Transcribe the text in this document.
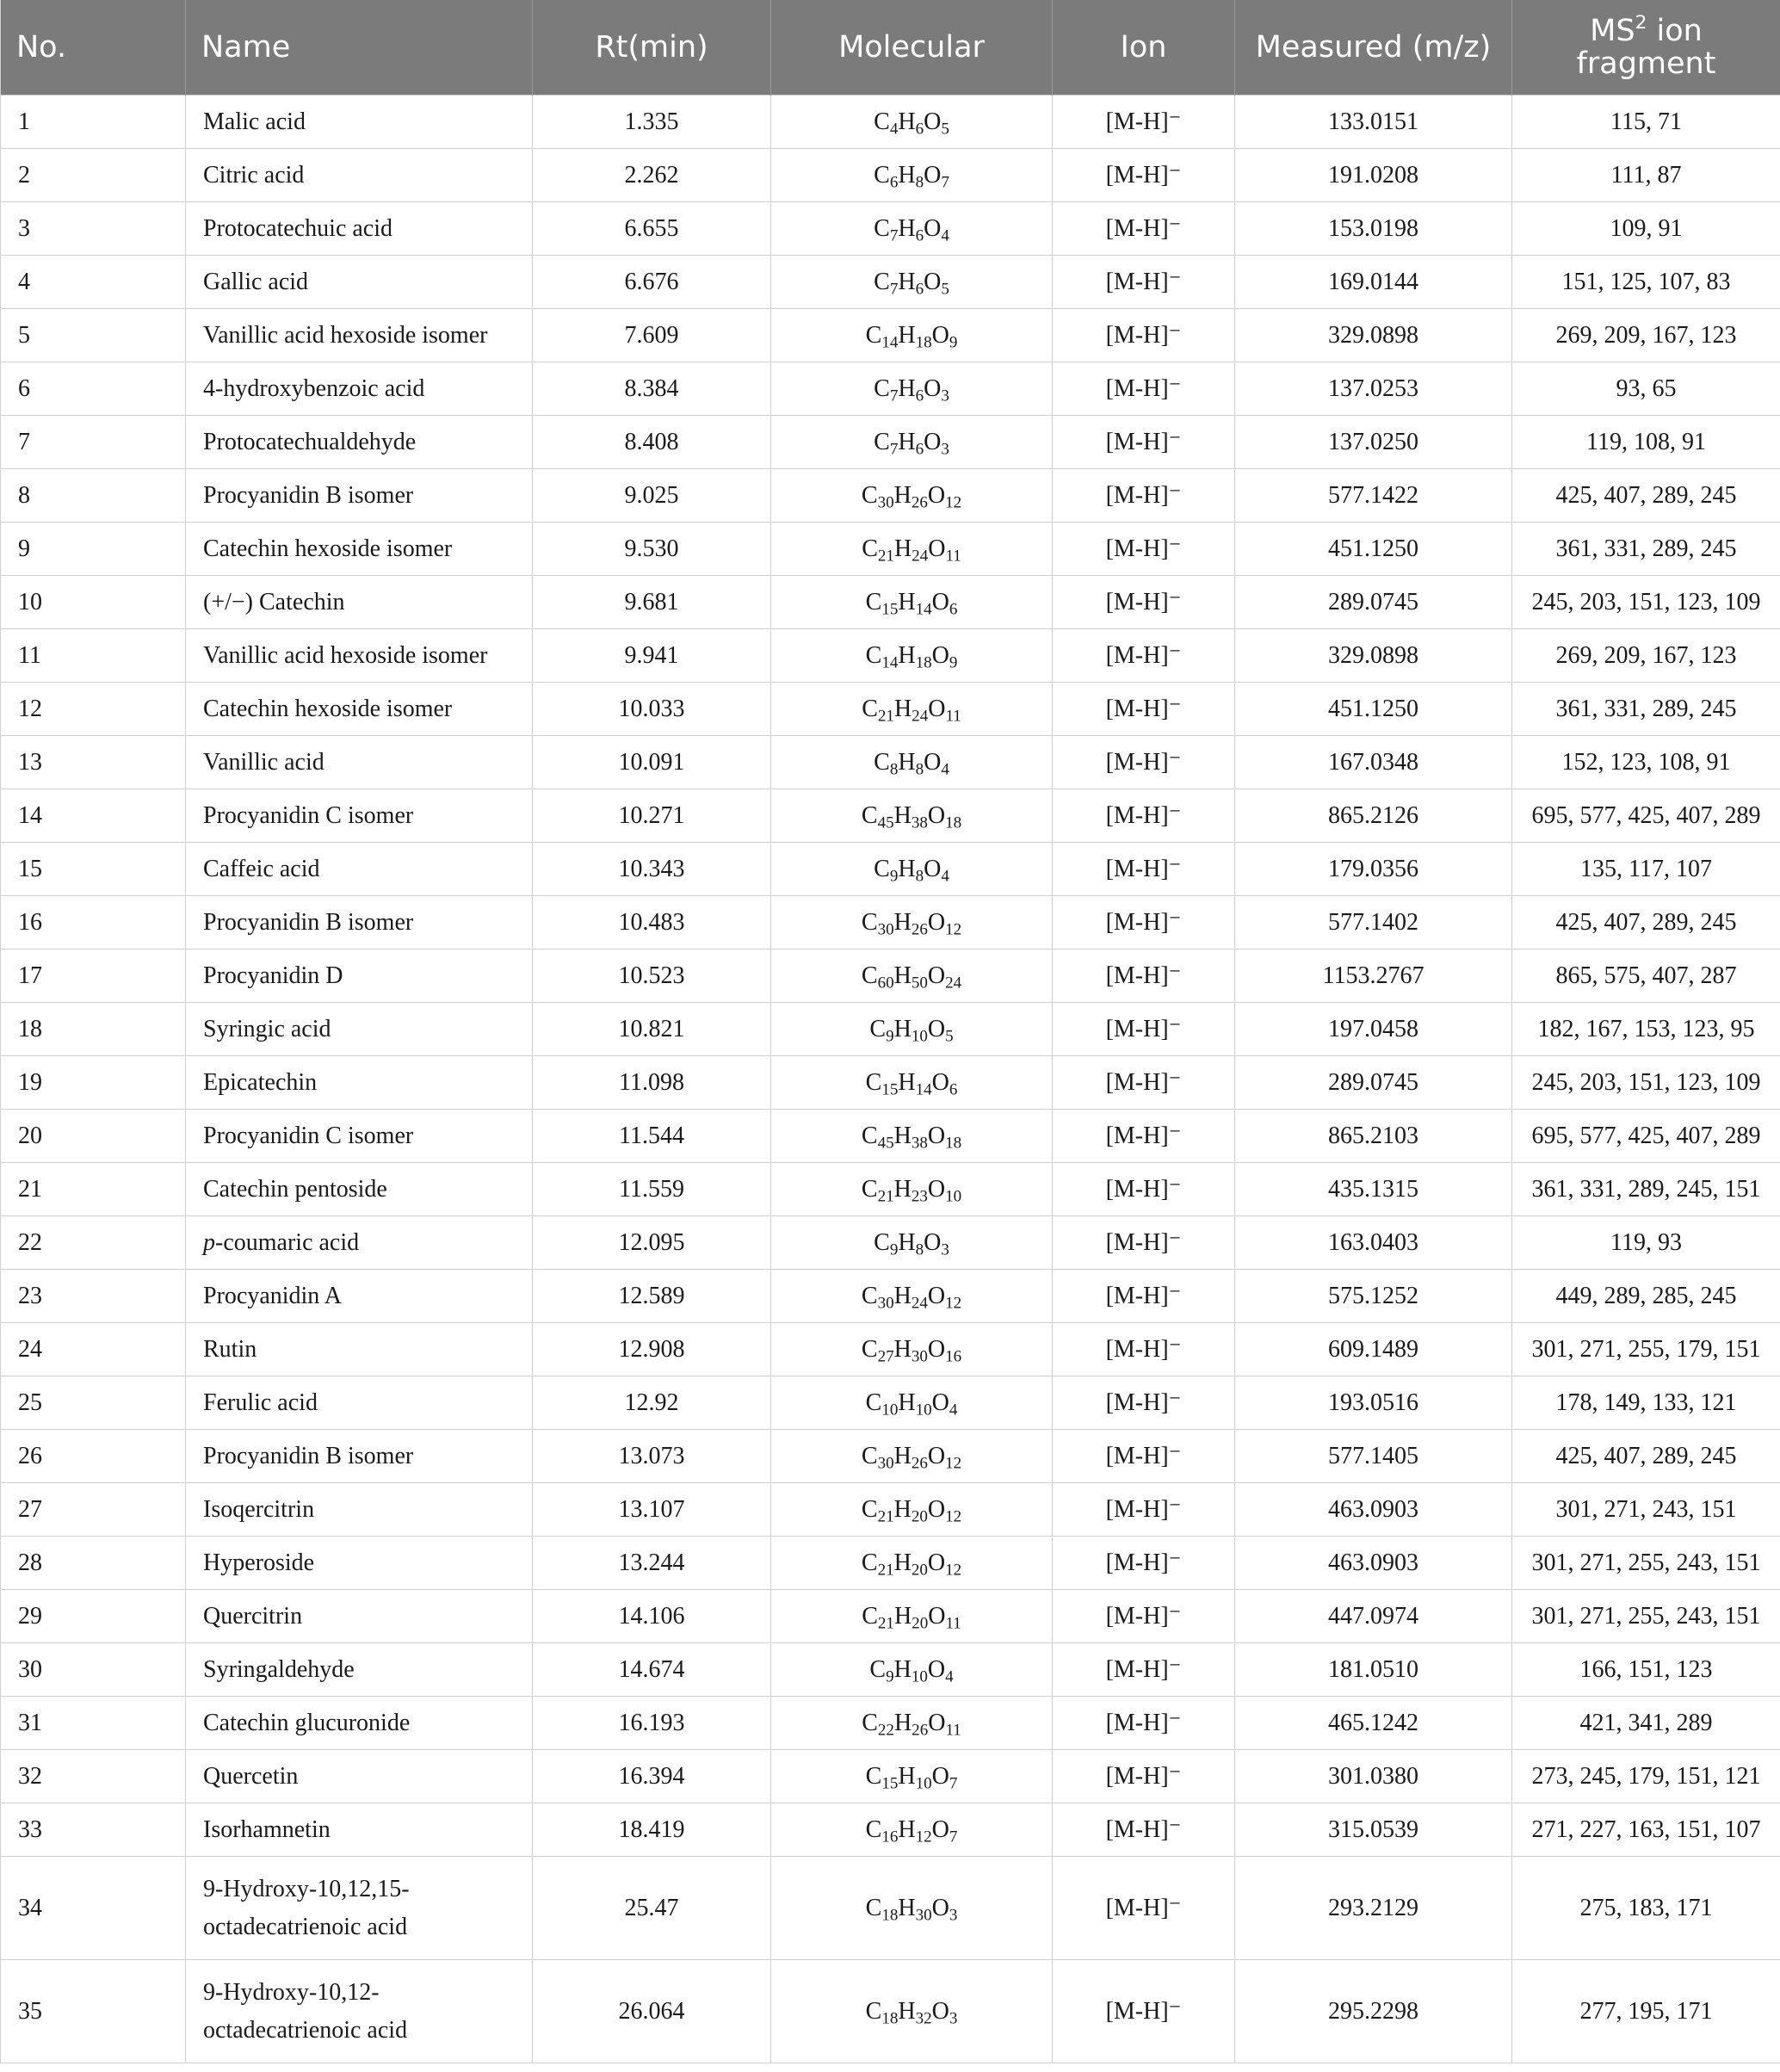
No.	Name	Rt(min)	Molecular	Ion	Measured (m/z)	$MS^2$ ion fragment
1	Malic acid	1.335	$C_4H_6O_5$	[M-H]⁻	133.0151	115, 71
2	Citric acid	2.262	$C_6H_8O_7$	[M-H]⁻	191.0208	111, 87
3	Protocatechuic acid	6.655	$C_7H_6O_4$	[M-H]⁻	153.0198	109, 91
4	Gallic acid	6.676	$C_7H_6O_5$	[M-H]⁻	169.0144	151, 125, 107, 83
5	Vanillic acid hexoside isomer	7.609	$C_{14}H_{18}O_9$	[M-H]⁻	329.0898	269, 209, 167, 123
6	4-hydroxybenzoic acid	8.384	$C_7H_6O_3$	[M-H]⁻	137.0253	93, 65
7	Protocatechualdehyde	8.408	$C_7H_6O_3$	[M-H]⁻	137.0250	119, 108, 91
8	Procyanidin B isomer	9.025	$C_{30}H_{26}O_{12}$	[M-H]⁻	577.1422	425, 407, 289, 245
9	Catechin hexoside isomer	9.530	$C_{21}H_{24}O_{11}$	[M-H]⁻	451.1250	361, 331, 289, 245
10	(+/−) Catechin	9.681	$C_{15}H_{14}O_6$	[M-H]⁻	289.0745	245, 203, 151, 123, 109
11	Vanillic acid hexoside isomer	9.941	$C_{14}H_{18}O_9$	[M-H]⁻	329.0898	269, 209, 167, 123
12	Catechin hexoside isomer	10.033	$C_{21}H_{24}O_{11}$	[M-H]⁻	451.1250	361, 331, 289, 245
13	Vanillic acid	10.091	$C_8H_8O_4$	[M-H]⁻	167.0348	152, 123, 108, 91
14	Procyanidin C isomer	10.271	$C_{45}H_{38}O_{18}$	[M-H]⁻	865.2126	695, 577, 425, 407, 289
15	Caffeic acid	10.343	$C_9H_8O_4$	[M-H]⁻	179.0356	135, 117, 107
16	Procyanidin B isomer	10.483	$C_{30}H_{26}O_{12}$	[M-H]⁻	577.1402	425, 407, 289, 245
17	Procyanidin D	10.523	$C_{60}H_{50}O_{24}$	[M-H]⁻	1153.2767	865, 575, 407, 287
18	Syringic acid	10.821	$C_9H_{10}O_5$	[M-H]⁻	197.0458	182, 167, 153, 123, 95
19	Epicatechin	11.098	$C_{15}H_{14}O_6$	[M-H]⁻	289.0745	245, 203, 151, 123, 109
20	Procyanidin C isomer	11.544	$C_{45}H_{38}O_{18}$	[M-H]⁻	865.2103	695, 577, 425, 407, 289
21	Catechin pentoside	11.559	$C_{21}H_{23}O_{10}$	[M-H]⁻	435.1315	361, 331, 289, 245, 151
22	p-coumaric acid	12.095	$C_9H_8O_3$	[M-H]⁻	163.0403	119, 93
23	Procyanidin A	12.589	$C_{30}H_{24}O_{12}$	[M-H]⁻	575.1252	449, 289, 285, 245
24	Rutin	12.908	$C_{27}H_{30}O_{16}$	[M-H]⁻	609.1489	301, 271, 255, 179, 151
25	Ferulic acid	12.92	$C_{10}H_{10}O_4$	[M-H]⁻	193.0516	178, 149, 133, 121
26	Procyanidin B isomer	13.073	$C_{30}H_{26}O_{12}$	[M-H]⁻	577.1405	425, 407, 289, 245
27	Isoqercitrin	13.107	$C_{21}H_{20}O_{12}$	[M-H]⁻	463.0903	301, 271, 243, 151
28	Hyperoside	13.244	$C_{21}H_{20}O_{12}$	[M-H]⁻	463.0903	301, 271, 255, 243, 151
29	Quercitrin	14.106	$C_{21}H_{20}O_{11}$	[M-H]⁻	447.0974	301, 271, 255, 243, 151
30	Syringaldehyde	14.674	$C_9H_{10}O_4$	[M-H]⁻	181.0510	166, 151, 123
31	Catechin glucuronide	16.193	$C_{22}H_{26}O_{11}$	[M-H]⁻	465.1242	421, 341, 289
32	Quercetin	16.394	$C_{15}H_{10}O_7$	[M-H]⁻	301.0380	273, 245, 179, 151, 121
33	Isorhamnetin	18.419	$C_{16}H_{12}O_7$	[M-H]⁻	315.0539	271, 227, 163, 151, 107
34	9-Hydroxy-10,12,15-
octadecatrienoic acid	25.47	$C_{18}H_{30}O_3$	[M-H]⁻	293.2129	275, 183, 171
35	9-Hydroxy-10,12-
octadecatrienoic acid	26.064	$C_{18}H_{32}O_3$	[M-H]⁻	295.2298	277, 195, 171
